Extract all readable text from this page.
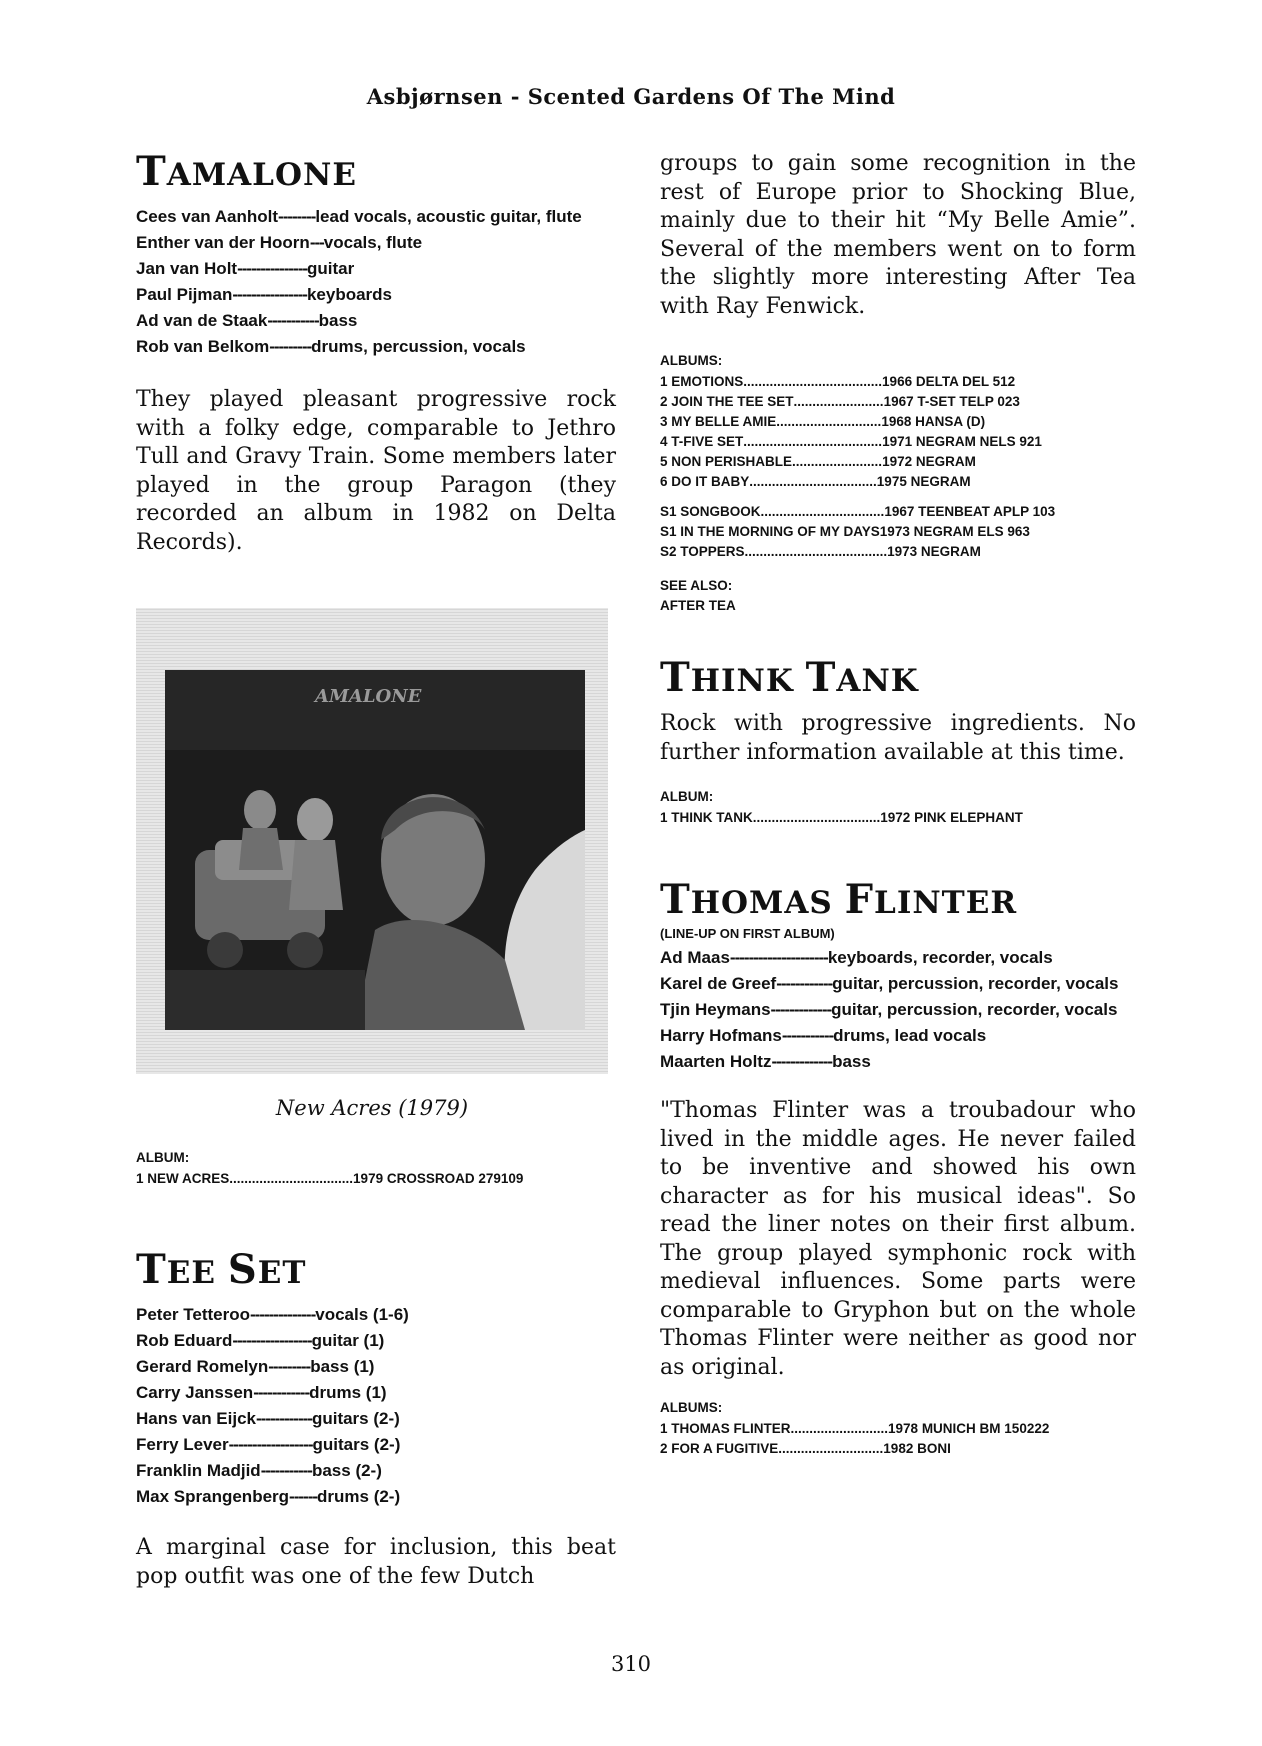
Asbjørnsen - Scented Gardens Of The Mind
TAMALONE
Cees van Aanholt -------- lead vocals, acoustic guitar, flute
Enther van der Hoorn --- vocals, flute
Jan van Holt --------------- guitar
Paul Pijman ---------------- keyboards
Ad van de Staak ----------- bass
Rob van Belkom --------- drums, percussion, vocals

They played pleasant progressive rock with a folky edge, comparable to Jethro Tull and Gravy Train. Some members later played in the group Paragon (they recorded an album in 1982 on Delta Records).

AMALONE
New Acres (1979)
ALBUM:
1 NEW ACRES ................................. 1979 CROSSROAD 279109
TEE SET
Peter Tetteroo -------------- vocals (1-6)
Rob Eduard ----------------- guitar (1)
Gerard Romelyn --------- bass (1)
Carry Janssen ------------ drums (1)
Hans van Eijck ------------ guitars (2-)
Ferry Lever ------------------ guitars (2-)
Franklin Madjid ----------- bass (2-)
Max Sprangenberg ------ drums (2-)

A marginal case for inclusion, this beat pop outfit was one of the few Dutch

groups to gain some recognition in the rest of Europe prior to Shocking Blue, mainly due to their hit “My Belle Amie”. Several of the members went on to form the slightly more interesting After Tea with Ray Fenwick.

ALBUMS:
1 EMOTIONS ..................................... 1966 DELTA DEL 512
2 JOIN THE TEE SET ........................ 1967 T-SET TELP 023
3 MY BELLE AMIE ............................ 1968 HANSA (D)
4 T-FIVE SET ..................................... 1971 NEGRAM NELS 921
5 NON PERISHABLE ........................ 1972 NEGRAM
6 DO IT BABY .................................. 1975 NEGRAM
S1 SONGBOOK ................................. 1967 TEENBEAT APLP 103
S1 IN THE MORNING OF MY DAYS 1973 NEGRAM ELS 963
S2 TOPPERS ...................................... 1973 NEGRAM
SEE ALSO:
AFTER TEA
THINK TANK

Rock with progressive ingredients. No further information available at this time.

ALBUM:
1 THINK TANK .................................. 1972 PINK ELEPHANT
THOMAS FLINTER
(LINE-UP ON FIRST ALBUM)
Ad Maas --------------------- keyboards, recorder, vocals
Karel de Greef ------------ guitar, percussion, recorder, vocals
Tjin Heymans ------------- guitar, percussion, recorder, vocals
Harry Hofmans ----------- drums, lead vocals
Maarten Holtz ------------- bass

"Thomas Flinter was a troubadour who lived in the middle ages. He never failed to be inventive and showed his own character as for his musical ideas". So read the liner notes on their first album. The group played symphonic rock with medieval influences. Some parts were comparable to Gryphon but on the whole Thomas Flinter were neither as good nor as original.

ALBUMS:
1 THOMAS FLINTER .......................... 1978 MUNICH BM 150222
2 FOR A FUGITIVE ............................ 1982 BONI
310
